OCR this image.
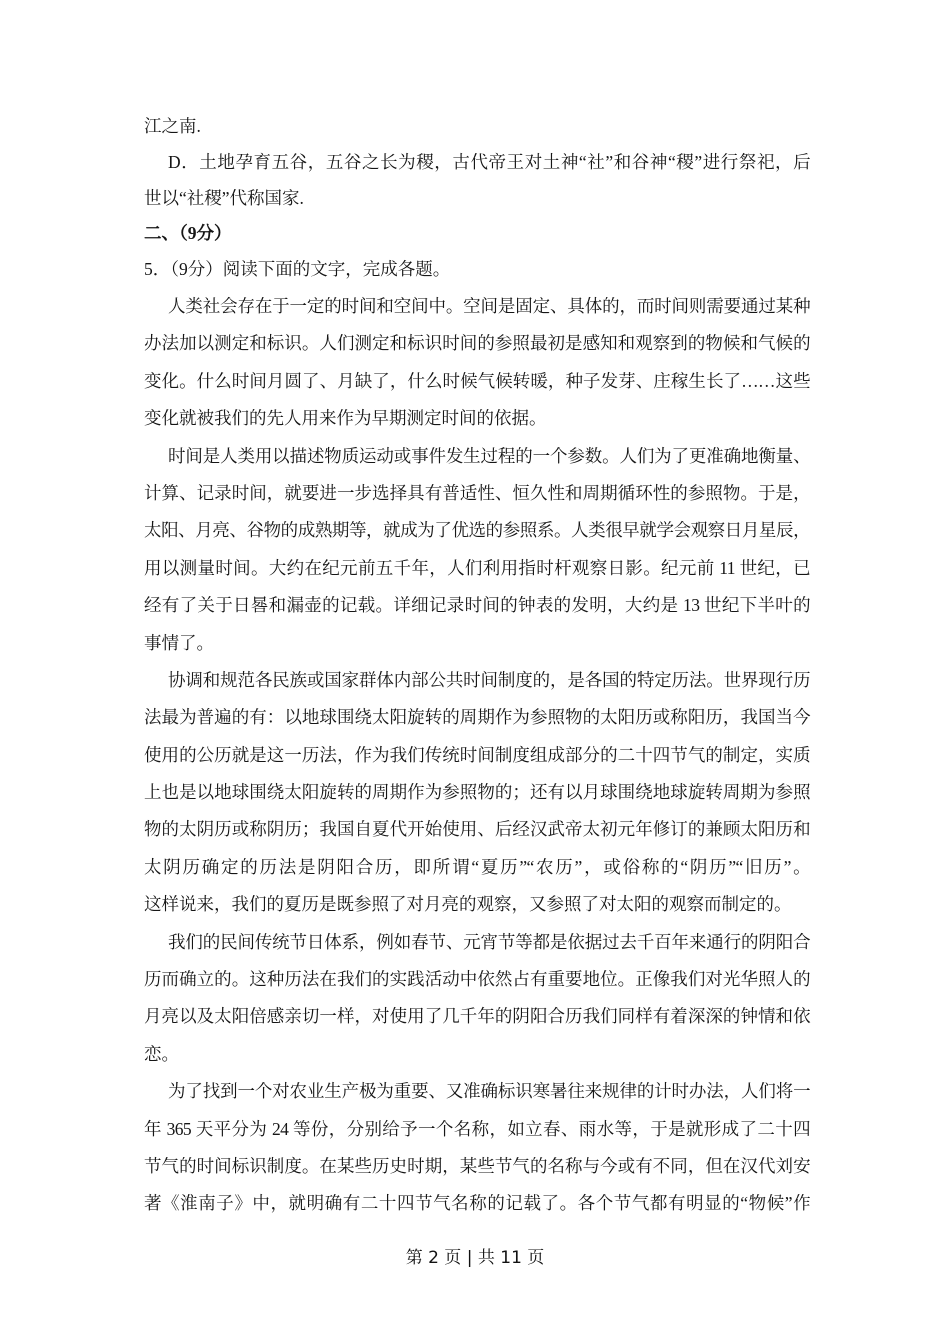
江之南.
D．土地孕育五谷，五谷之长为稷，古代帝王对土神“社”和谷神“稷”进行祭祀，后
世以“社稷”代称国家.
二、（9分）
5．（9分）阅读下面的文字，完成各题。
人类社会存在于一定的时间和空间中。空间是固定、具体的，而时间则需要通过某种
办法加以测定和标识。人们测定和标识时间的参照最初是感知和观察到的物候和气候的
变化。什么时间月圆了、月缺了，什么时候气候转暖，种子发芽、庄稼生长了……这些
变化就被我们的先人用来作为早期测定时间的依据。
时间是人类用以描述物质运动或事件发生过程的一个参数。人们为了更准确地衡量、
计算、记录时间，就要进一步选择具有普适性、恒久性和周期循环性的参照物。于是，
太阳、月亮、谷物的成熟期等，就成为了优选的参照系。人类很早就学会观察日月星辰，
用以测量时间。大约在纪元前五千年，人们利用指时杆观察日影。纪元前 11 世纪，已
经有了关于日晷和漏壶的记载。详细记录时间的钟表的发明，大约是 13 世纪下半叶的
事情了。
协调和规范各民族或国家群体内部公共时间制度的，是各国的特定历法。世界现行历
法最为普遍的有：以地球围绕太阳旋转的周期作为参照物的太阳历或称阳历，我国当今
使用的公历就是这一历法，作为我们传统时间制度组成部分的二十四节气的制定，实质
上也是以地球围绕太阳旋转的周期作为参照物的；还有以月球围绕地球旋转周期为参照
物的太阴历或称阴历；我国自夏代开始使用、后经汉武帝太初元年修订的兼顾太阳历和
太阴历确定的历法是阴阳合历，即所谓“夏历”“农历”，或俗称的“阴历”“旧历”。
这样说来，我们的夏历是既参照了对月亮的观察，又参照了对太阳的观察而制定的。
我们的民间传统节日体系，例如春节、元宵节等都是依据过去千百年来通行的阴阳合
历而确立的。这种历法在我们的实践活动中依然占有重要地位。正像我们对光华照人的
月亮以及太阳倍感亲切一样，对使用了几千年的阴阳合历我们同样有着深深的钟情和依
恋。
为了找到一个对农业生产极为重要、又准确标识寒暑往来规律的计时办法，人们将一
年 365 天平分为 24 等份，分别给予一个名称，如立春、雨水等，于是就形成了二十四
节气的时间标识制度。在某些历史时期，某些节气的名称与今或有不同，但在汉代刘安
著《淮南子》中，就明确有二十四节气名称的记载了。各个节气都有明显的“物候”作
第 2 页 | 共 11 页
